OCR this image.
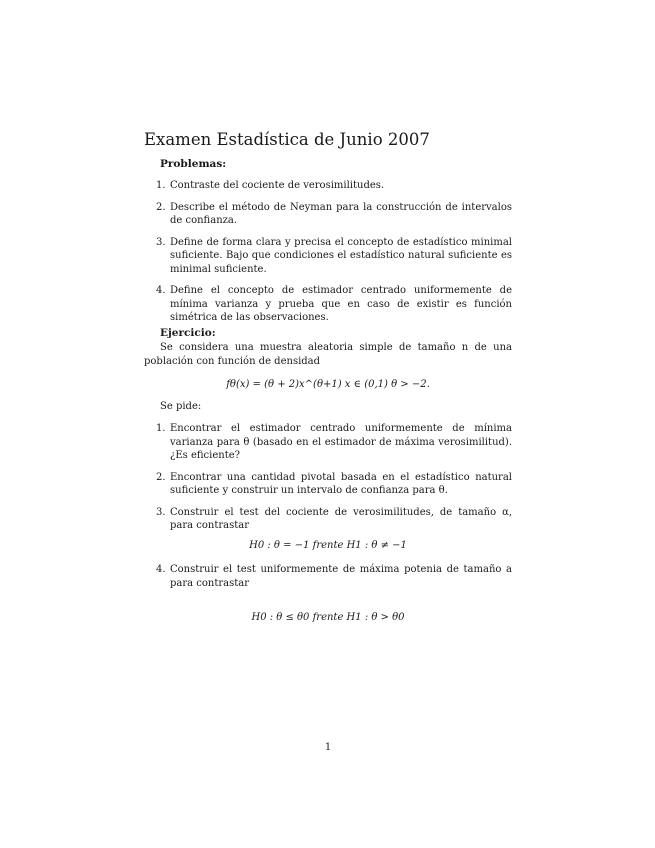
Examen Estadística de Junio 2007
Problemas:
1. Contraste del cociente de verosimilitudes.
2. Describe el método de Neyman para la construcción de intervalos de confianza.
3. Define de forma clara y precisa el concepto de estadístico minimal suficiente. Bajo que condiciones el estadístico natural suficiente es minimal suficiente.
4. Define el concepto de estimador centrado uniformemente de mínima varianza y prueba que en caso de existir es función simétrica de las observaciones.
Ejercicio:
Se considera una muestra aleatoria simple de tamaño n de una población con función de densidad
fθ(x) = (θ + 2)x^(θ+1) x ∈ (0,1) θ > −2.
Se pide:
1. Encontrar el estimador centrado uniformemente de mínima varianza para θ (basado en el estimador de máxima verosimilitud). ¿Es eficiente?
2. Encontrar una cantidad pivotal basada en el estadístico natural suficiente y construir un intervalo de confianza para θ.
3. Construir el test del cociente de verosimilitudes, de tamaño α, para contrastar
H0 : θ = −1 frente H1 : θ ≠ −1
4. Construir el test uniformemente de máxima potenia de tamaño a para contrastar
H0 : θ ≤ θ0 frente H1 : θ > θ0
1
